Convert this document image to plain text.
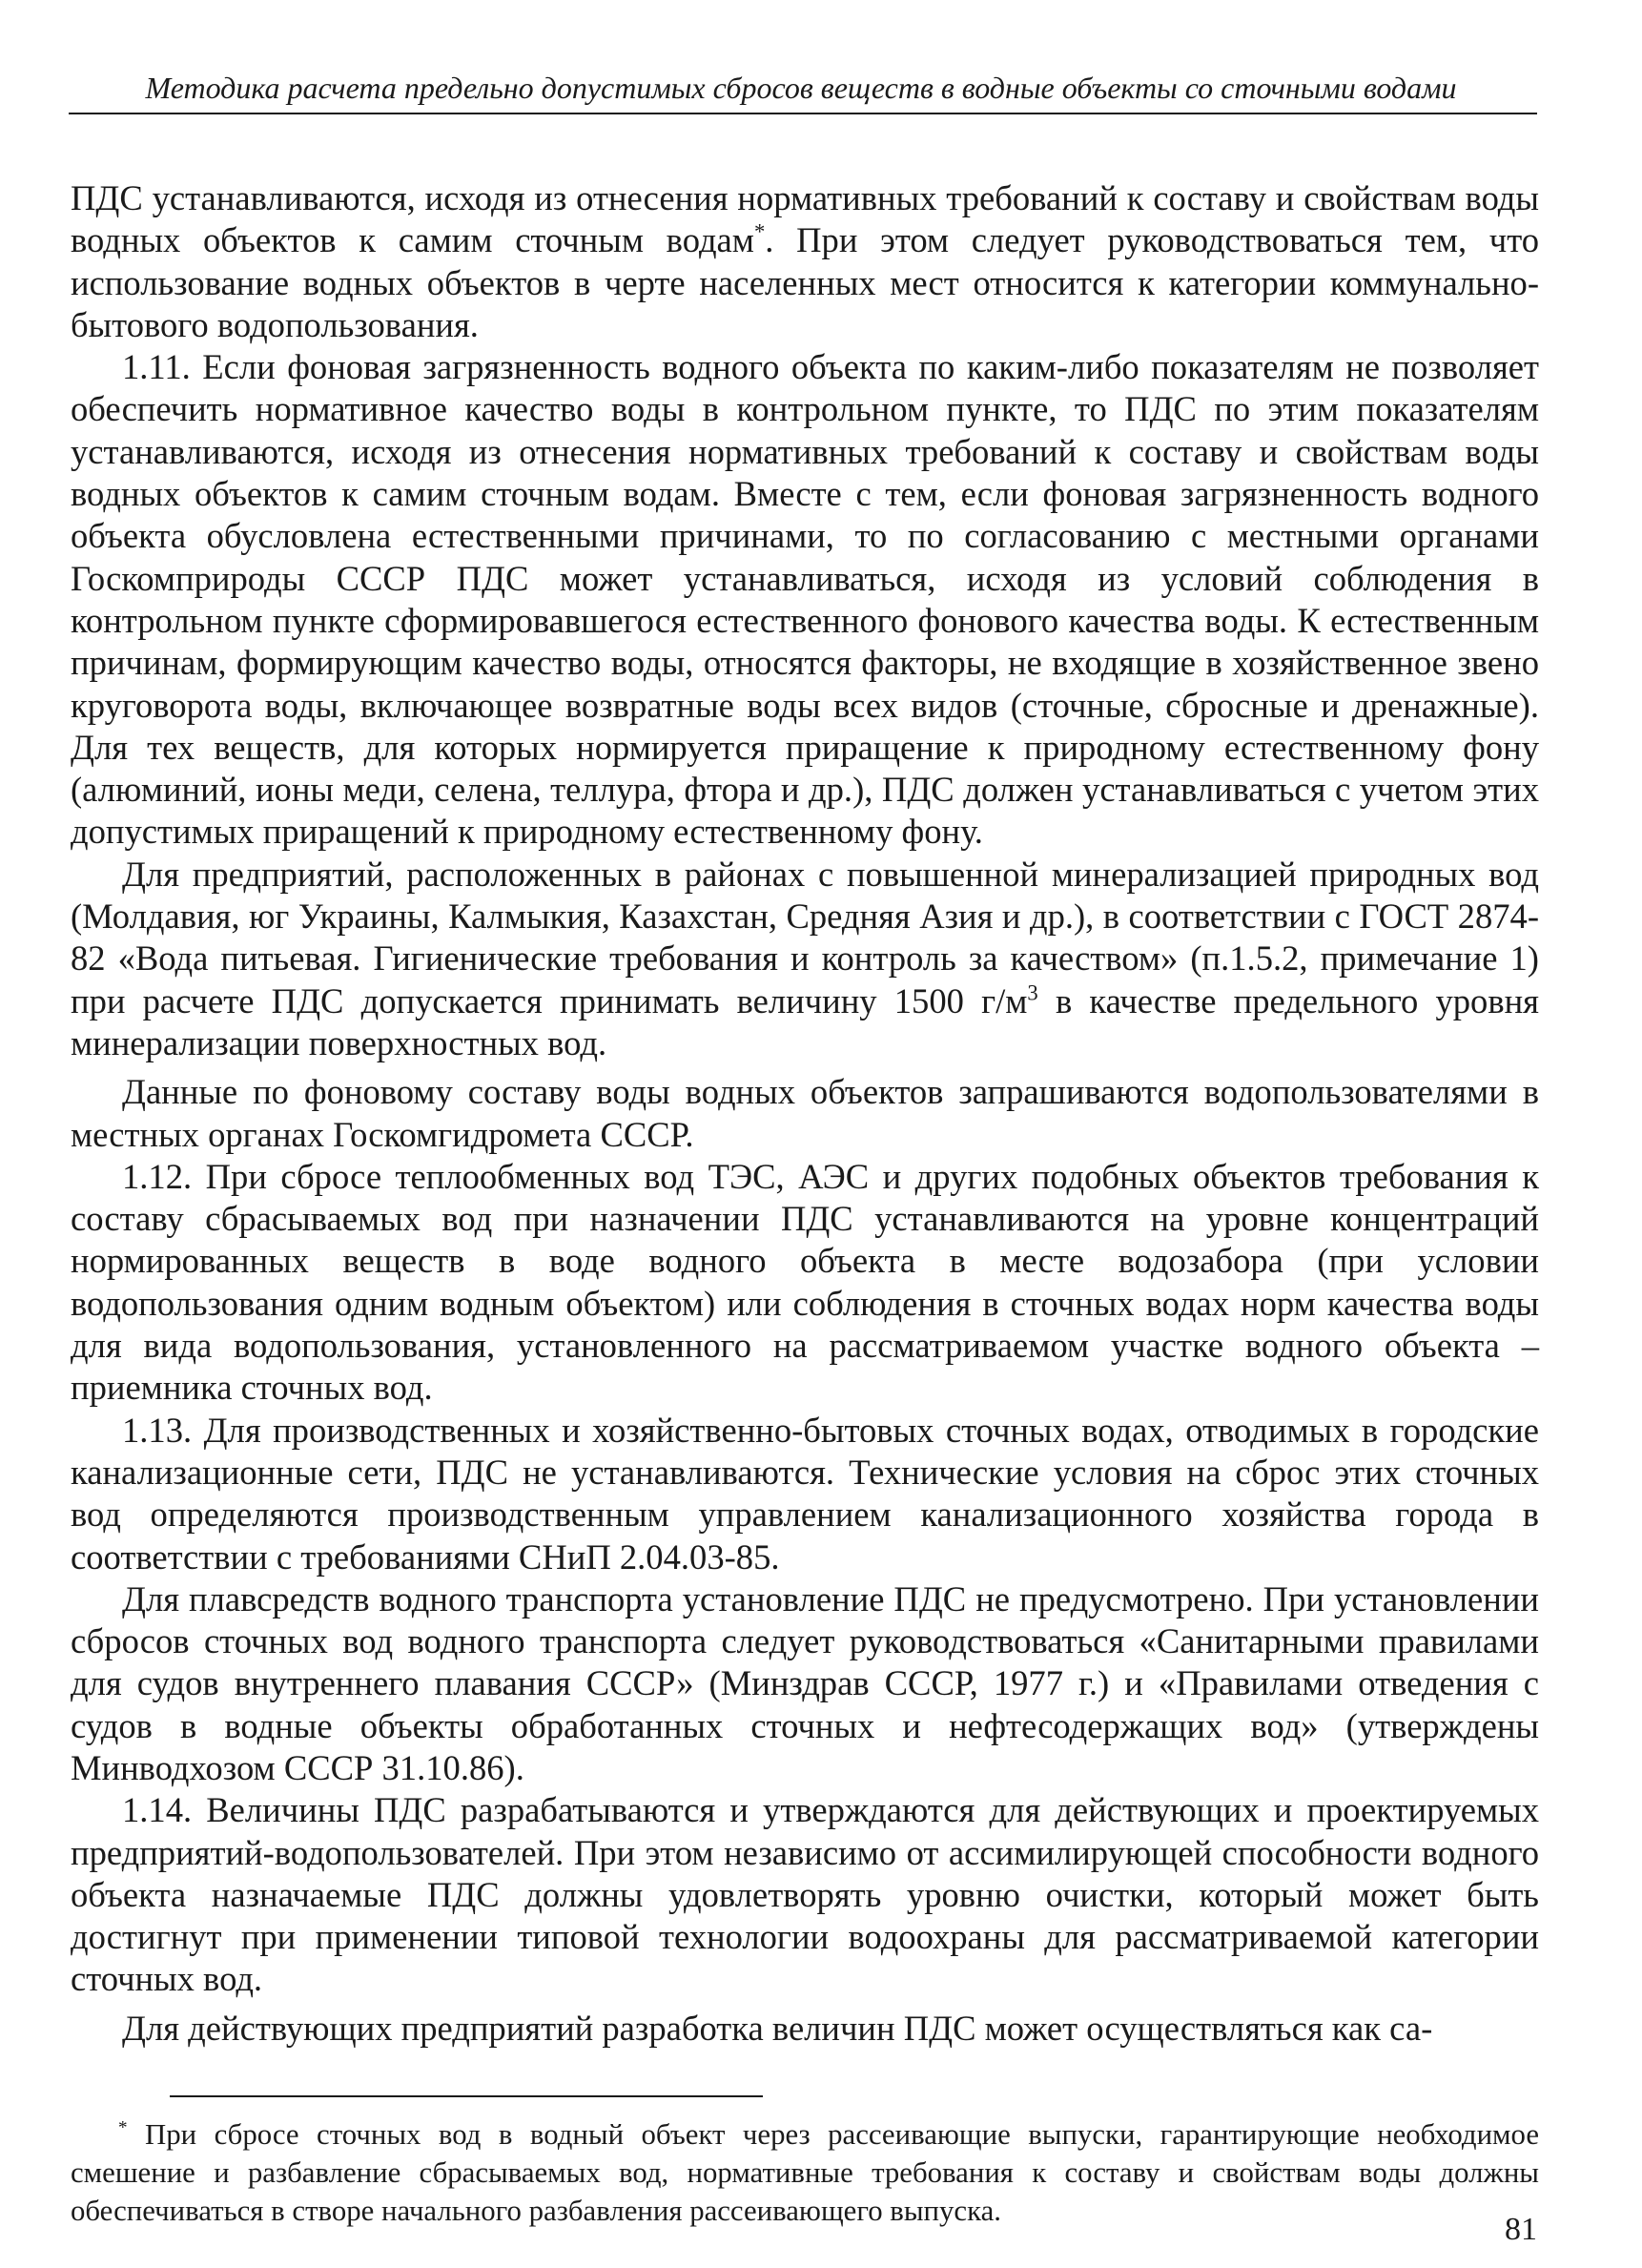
Методика расчета предельно допустимых сбросов веществ в водные объекты со сточными водами

ПДС устанавливаются, исходя из отнесения нормативных требований к составу и свойствам воды водных объектов к самим сточным водам*. При этом следует руководствоваться тем, что использование водных объектов в черте населенных мест относится к категории коммунально-бытового водопользования.

1.11. Если фоновая загрязненность водного объекта по каким-либо показателям не позволяет обеспечить нормативное качество воды в контрольном пункте, то ПДС по этим показателям устанавливаются, исходя из отнесения нормативных требований к составу и свойствам воды водных объектов к самим сточным водам. Вместе с тем, если фоновая загрязненность водного объекта обусловлена естественными причинами, то по согласованию с местными органами Госкомприроды СССР ПДС может устанавливаться, исходя из условий соблюдения в контрольном пункте сформировавшегося естественного фонового качества воды. К естественным причинам, формирующим качество воды, относятся факторы, не входящие в хозяйственное звено круговорота воды, включающее возвратные воды всех видов (сточные, сбросные и дренажные). Для тех веществ, для которых нормируется приращение к природному естественному фону (алюминий, ионы меди, селена, теллура, фтора и др.), ПДС должен устанавливаться с учетом этих допустимых приращений к природному естественному фону.

Для предприятий, расположенных в районах с повышенной минерализацией природных вод (Молдавия, юг Украины, Калмыкия, Казахстан, Средняя Азия и др.), в соответствии с ГОСТ 2874-82 «Вода питьевая. Гигиенические требования и контроль за качеством» (п.1.5.2, примечание 1) при расчете ПДС допускается принимать величину 1500 $г/м^3$ в качестве предельного уровня минерализации поверхностных вод.

Данные по фоновому составу воды водных объектов запрашиваются водопользователями в местных органах Госкомгидромета СССР.

1.12. При сбросе теплообменных вод ТЭС, АЭС и других подобных объектов требования к составу сбрасываемых вод при назначении ПДС устанавливаются на уровне концентраций нормированных веществ в воде водного объекта в месте водозабора (при условии водопользования одним водным объектом) или соблюдения в сточных водах норм качества воды для вида водопользования, установленного на рассматриваемом участке водного объекта – приемника сточных вод.

1.13. Для производственных и хозяйственно-бытовых сточных водах, отводимых в городские канализационные сети, ПДС не устанавливаются. Технические условия на сброс этих сточных вод определяются производственным управлением канализационного хозяйства города в соответствии с требованиями СНиП 2.04.03-85.

Для плавсредств водного транспорта установление ПДС не предусмотрено. При установлении сбросов сточных вод водного транспорта следует руководствоваться «Санитарными правилами для судов внутреннего плавания СССР» (Минздрав СССР, 1977 г.) и «Правилами отведения с судов в водные объекты обработанных сточных и нефтесодержащих вод» (утверждены Минводхозом СССР 31.10.86).

1.14. Величины ПДС разрабатываются и утверждаются для действующих и проектируемых предприятий-водопользователей. При этом независимо от ассимилирующей способности водного объекта назначаемые ПДС должны удовлетворять уровню очистки, который может быть достигнут при применении типовой технологии водоохраны для рассматриваемой категории сточных вод.

Для действующих предприятий разработка величин ПДС может осуществляться как са-

* При сбросе сточных вод в водный объект через рассеивающие выпуски, гарантирующие необходимое смешение и разбавление сбрасываемых вод, нормативные требования к составу и свойствам воды должны обеспечиваться в створе начального разбавления рассеивающего выпуска.

81
